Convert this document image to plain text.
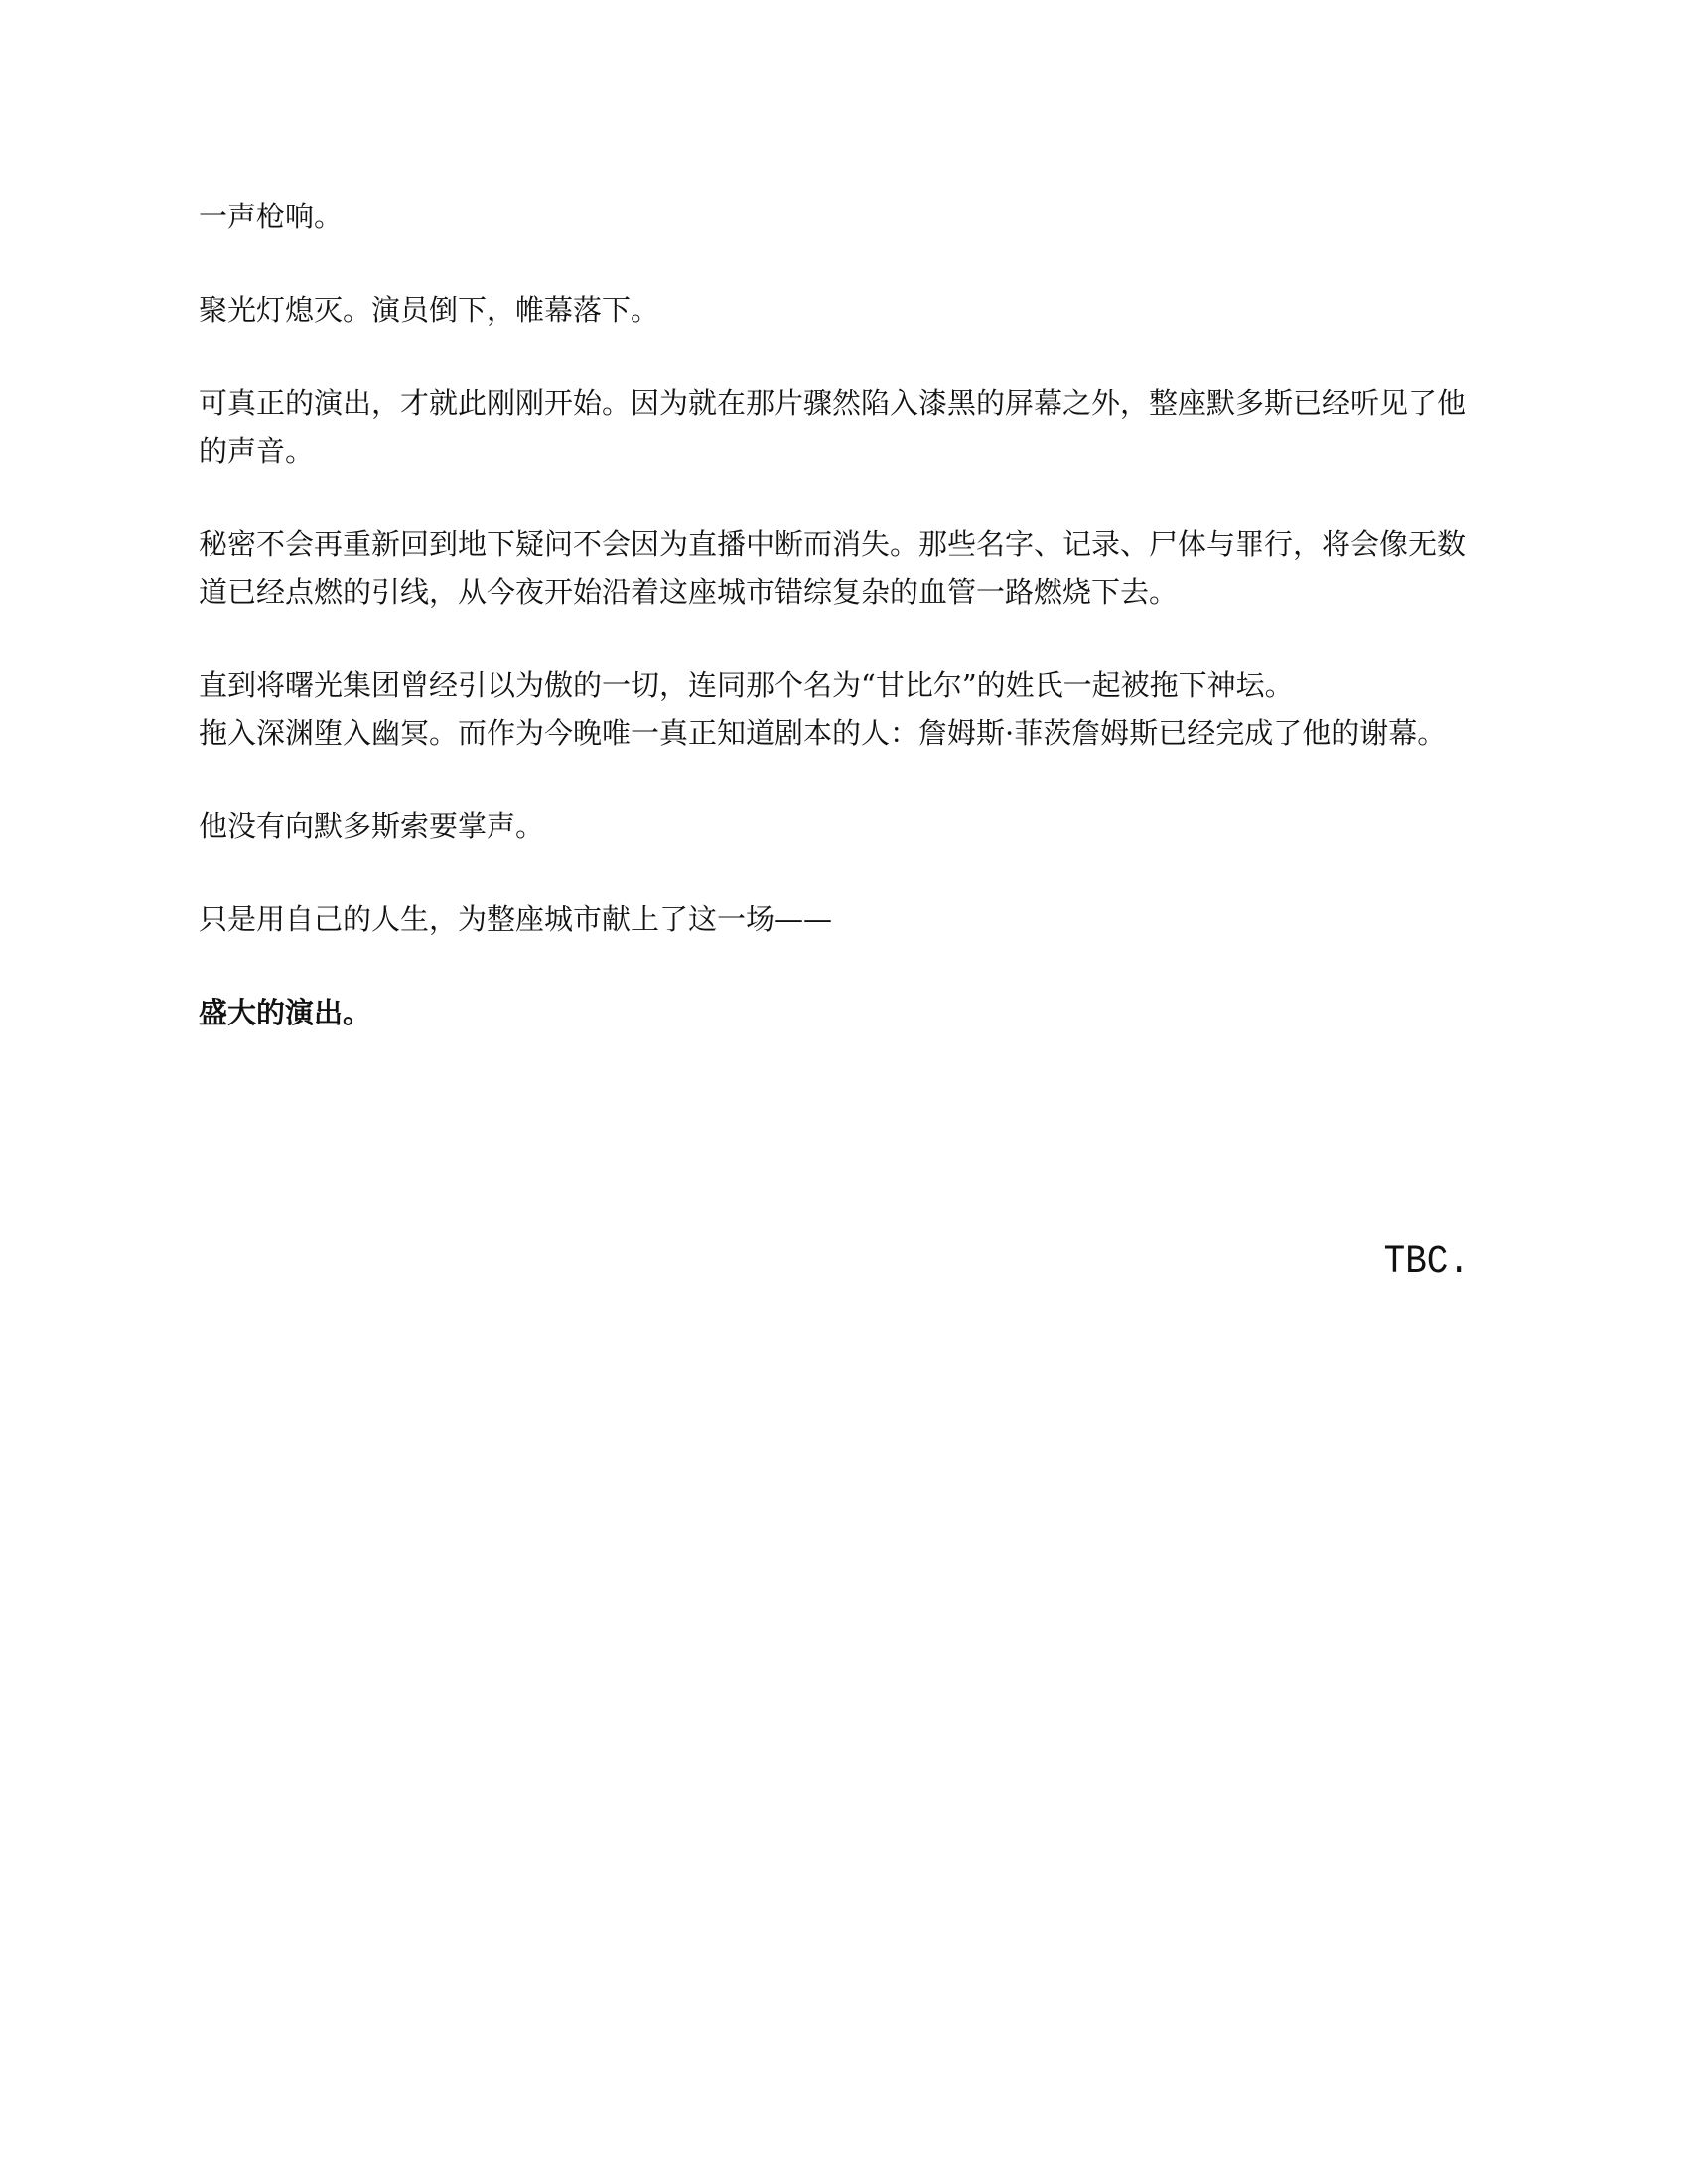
一声枪响。

聚光灯熄灭。演员倒下，帷幕落下。

可真正的演出，才就此刚刚开始。因为就在那片骤然陷入漆黑的屏幕之外，整座默多斯已经听见了他的声音。

秘密不会再重新回到地下疑问不会因为直播中断而消失。那些名字、记录、尸体与罪行，将会像无数道已经点燃的引线，从今夜开始沿着这座城市错综复杂的血管一路燃烧下去。

直到将曙光集团曾经引以为傲的一切，连同那个名为“甘比尔”的姓氏一起被拖下神坛。

拖入深渊堕入幽冥。而作为今晚唯一真正知道剧本的人：詹姆斯·菲茨詹姆斯已经完成了他的谢幕。

他没有向默多斯索要掌声。

只是用自己的人生，为整座城市献上了这一场——

盛大的演出。

TBC.
